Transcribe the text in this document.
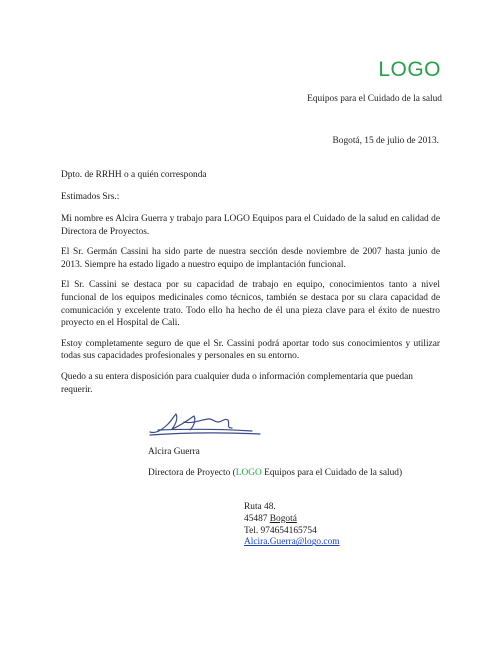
LOGO
Equipos para el Cuidado de la salud
Bogotá, 15 de julio de 2013.
Dpto. de RRHH o a quién corresponda
Estimados Srs.:

Mi nombre es Alcira Guerra y trabajo para LOGO Equipos para el Cuidado de la salud en calidad de Directora de Proyectos.

El Sr. Germán Cassini ha sido parte de nuestra sección desde noviembre de 2007 hasta junio de 2013. Siempre ha estado ligado a nuestro equipo de implantación funcional.

El Sr. Cassini se destaca por su capacidad de trabajo en equipo, conocimientos tanto a nivel funcional de los equipos medicinales como técnicos, también se destaca por su clara capacidad de comunicación y excelente trato. Todo ello ha hecho de él una pieza clave para el éxito de nuestro proyecto en el Hospital de Cali.

Estoy completamente seguro de que el Sr. Cassini podrá aportar todo sus conocimientos y utilizar todas sus capacidades profesionales y personales en su entorno.

Quedo a su entera disposición para cualquier duda o información complementaria que puedan requerir.

Alcira Guerra
Directora de Proyecto (LOGO Equipos para el Cuidado de la salud)
Ruta 48.
45487 Bogotá
Tel. 974654165754
Alcira.Guerra@logo.com
